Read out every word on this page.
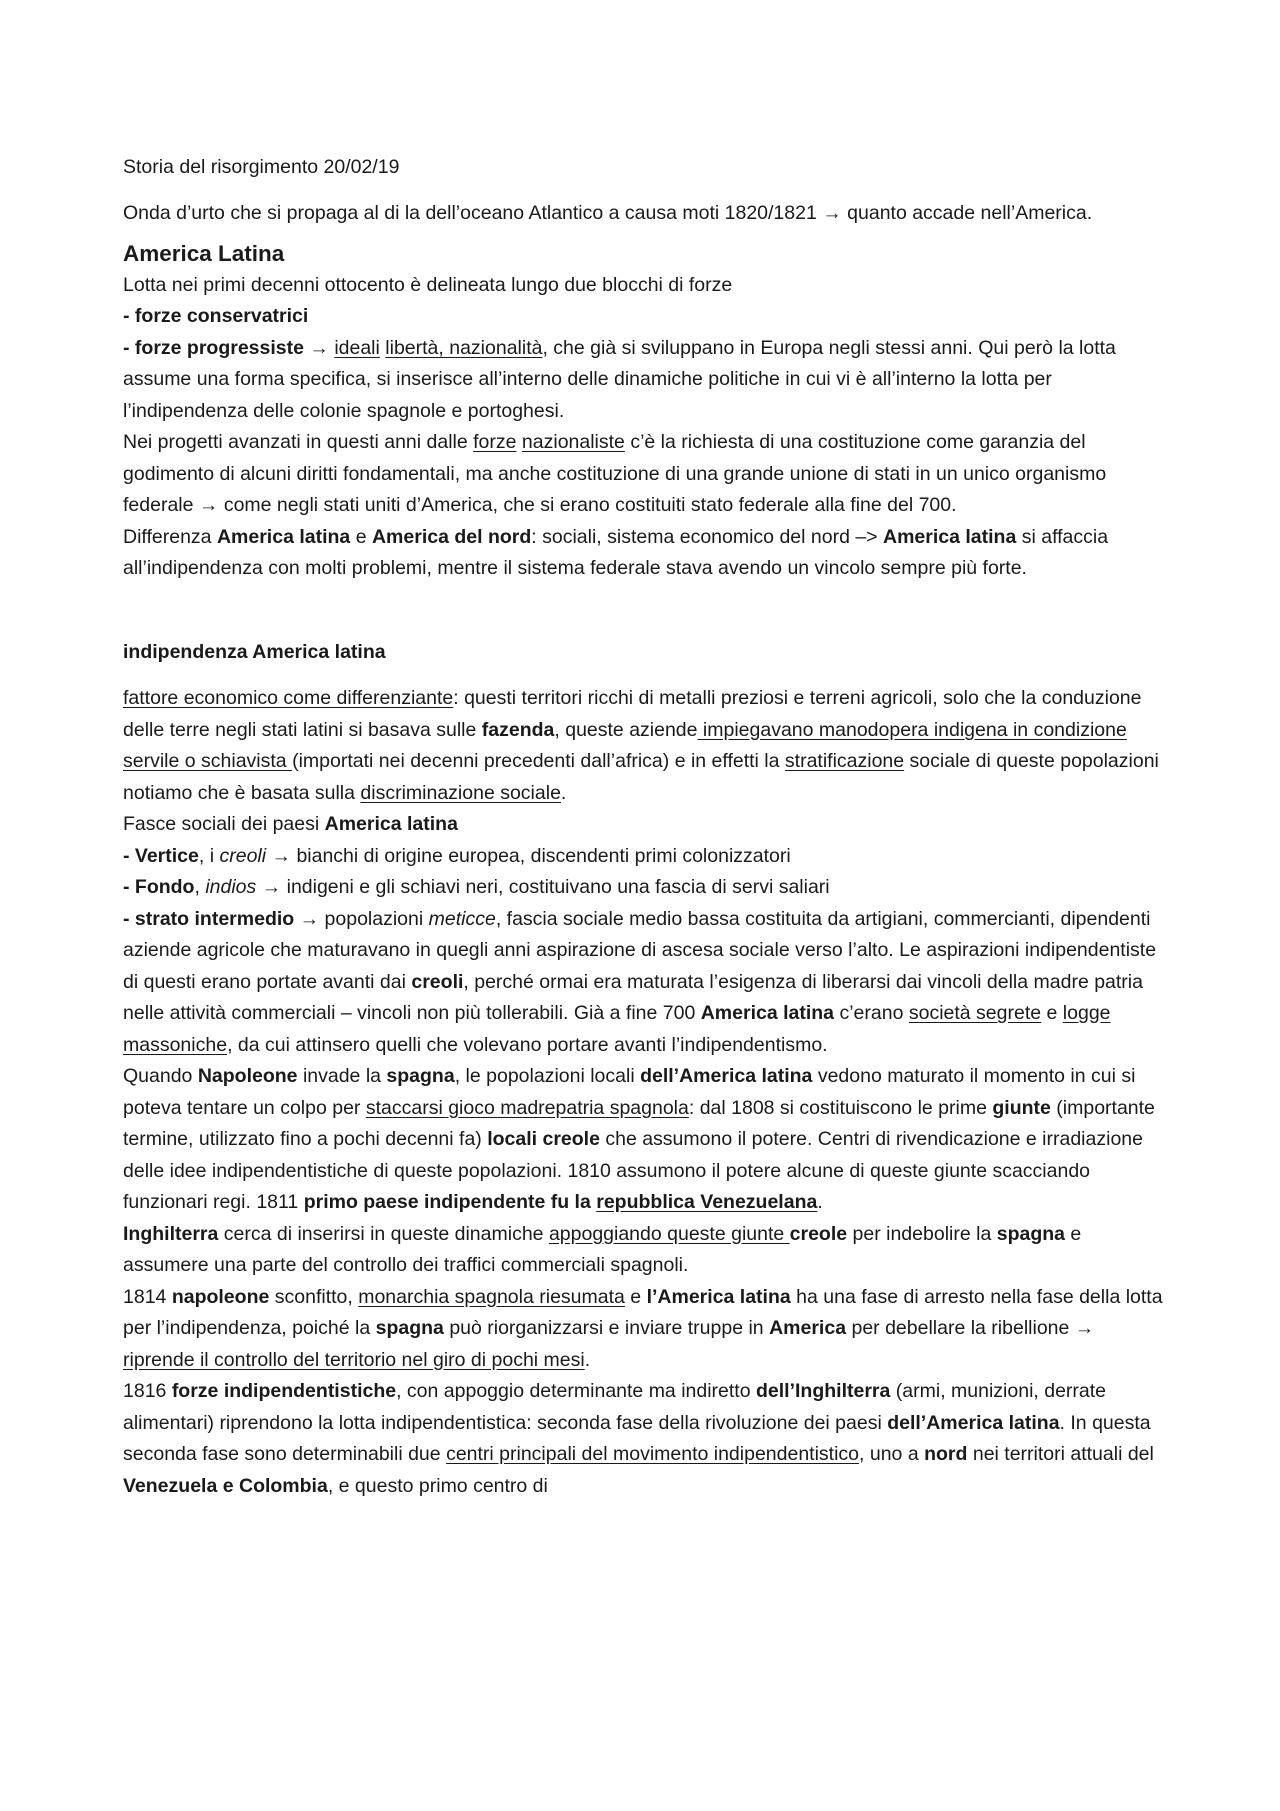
Storia del risorgimento 20/02/19

Onda d’urto che si propaga al di la dell’oceano Atlantico a causa moti 1820/1821 → quanto accade nell’America.

America Latina

Lotta nei primi decenni ottocento è delineata lungo due blocchi di forze

- forze conservatrici

- forze progressiste → ideali libertà, nazionalità, che già si sviluppano in Europa negli stessi anni. Qui però la lotta assume una forma specifica, si inserisce all’interno delle dinamiche politiche in cui vi è all’interno la lotta per l’indipendenza delle colonie spagnole e portoghesi.

Nei progetti avanzati in questi anni dalle forze nazionaliste c’è la richiesta di una costituzione come garanzia del godimento di alcuni diritti fondamentali, ma anche costituzione di una grande unione di stati in un unico organismo federale → come negli stati uniti d’America, che si erano costituiti stato federale alla fine del 700.

Differenza America latina e America del nord: sociali, sistema economico del nord –> America latina si affaccia all’indipendenza con molti problemi, mentre il sistema federale stava avendo un vincolo sempre più forte.

indipendenza America latina

fattore economico come differenziante: questi territori ricchi di metalli preziosi e terreni agricoli, solo che la conduzione delle terre negli stati latini si basava sulle fazenda, queste aziende impiegavano manodopera indigena in condizione servile o schiavista (importati nei decenni precedenti dall’africa) e in effetti la stratificazione sociale di queste popolazioni notiamo che è basata sulla discriminazione sociale.

Fasce sociali dei paesi America latina

- Vertice, i creoli → bianchi di origine europea, discendenti primi colonizzatori

- Fondo, indios → indigeni e gli schiavi neri, costituivano una fascia di servi saliari

- strato intermedio → popolazioni meticce, fascia sociale medio bassa costituita da artigiani, commercianti, dipendenti aziende agricole che maturavano in quegli anni aspirazione di ascesa sociale verso l’alto. Le aspirazioni indipendentiste di questi erano portate avanti dai creoli, perché ormai era maturata l’esigenza di liberarsi dai vincoli della madre patria nelle attività commerciali – vincoli non più tollerabili. Già a fine 700 America latina c’erano società segrete e logge massoniche, da cui attinsero quelli che volevano portare avanti l’indipendentismo.

Quando Napoleone invade la spagna, le popolazioni locali dell’America latina vedono maturato il momento in cui si poteva tentare un colpo per staccarsi gioco madrepatria spagnola: dal 1808 si costituiscono le prime giunte (importante termine, utilizzato fino a pochi decenni fa) locali creole che assumono il potere. Centri di rivendicazione e irradiazione delle idee indipendentistiche di queste popolazioni. 1810 assumono il potere alcune di queste giunte scacciando funzionari regi. 1811 primo paese indipendente fu la repubblica Venezuelana.

Inghilterra cerca di inserirsi in queste dinamiche appoggiando queste giunte creole per indebolire la spagna e assumere una parte del controllo dei traffici commerciali spagnoli.

1814 napoleone sconfitto, monarchia spagnola riesumata e l’America latina ha una fase di arresto nella fase della lotta per l’indipendenza, poiché la spagna può riorganizzarsi e inviare truppe in America per debellare la ribellione → riprende il controllo del territorio nel giro di pochi mesi.

1816 forze indipendentistiche, con appoggio determinante ma indiretto dell’Inghilterra (armi, munizioni, derrate alimentari) riprendono la lotta indipendentistica: seconda fase della rivoluzione dei paesi dell’America latina. In questa seconda fase sono determinabili due centri principali del movimento indipendentistico, uno a nord nei territori attuali del Venezuela e Colombia, e questo primo centro di
